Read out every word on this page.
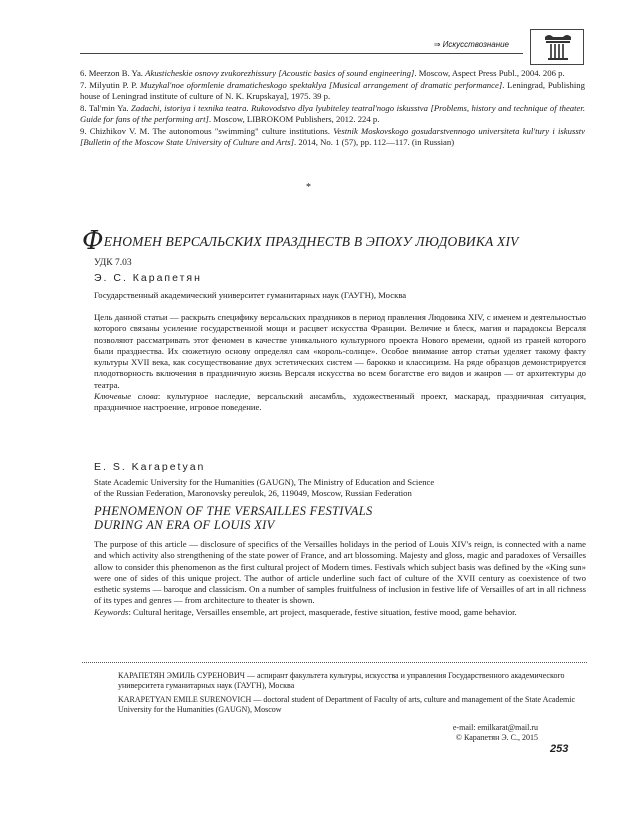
⇒ Искусствознание

6. Meerzon B. Ya. Akusticheskie osnovy zvukorezhissury [Acoustic basics of sound engineering]. Moscow, Aspect Press Publ., 2004. 206 p.

7. Milyutin P. P. Muzykal'noe oformlenie dramaticheskogo spektaklya [Musical arrangement of dramatic performance]. Leningrad, Publishing house of Leningrad institute of culture of N. K. Krupskaya], 1975. 39 p.

8. Tal'min Ya. Zadachi, istoriya i texnika teatra. Rukovodstvo dlya lyubiteley teatral'nogo iskusstva [Problems, history and technique of theater. Guide for fans of the performing art]. Moscow, LIBROKOM Publishers, 2012. 224 p.

9. Chizhikov V. M. The autonomous "swimming" culture institutions. Vestnik Moskovskogo gosudarstvennogo universiteta kul'tury i iskusstv [Bulletin of the Moscow State University of Culture and Arts]. 2014, No. 1 (57), pp. 112—117. (in Russian)

*
ФЕНОМЕН ВЕРСАЛЬСКИХ ПРАЗДНЕСТВ В ЭПОХУ ЛЮДОВИКА XIV
УДК 7.03
Э. С. Карапетян
Государственный академический университет гуманитарных наук (ГАУГН), Москва

Цель данной статьи — раскрыть специфику версальских праздников в период правления Людовика XIV, с именем и деятельностью которого связаны усиление государственной мощи и расцвет искусства Франции. Величие и блеск, магия и парадоксы Версаля позволяют рассматривать этот феномен в качестве уникального культурного проекта Нового времени, одной из граней которого были празднества. Их сюжетную основу определял сам «король-солнце». Особое внимание автор статьи уделяет такому факту культуры XVII века, как сосуществование двух эстетических систем — барокко и классицизм. На ряде образцов демонстрируется плодотворность включения в праздничную жизнь Версаля искусства во всем богатстве его видов и жанров — от архитектуры до театра.

Ключевые слова: культурное наследие, версальский ансамбль, художественный проект, маскарад, праздничная ситуация, праздничное настроение, игровое поведение.

E. S. Karapetyan
State Academic University for the Humanities (GAUGN), The Ministry of Education and Science
of the Russian Federation, Maronovsky pereulok, 26, 119049, Moscow, Russian Federation
PHENOMENON OF THE VERSAILLES FESTIVALS
DURING AN ERA OF LOUIS XIV

The purpose of this article — disclosure of specifics of the Versailles holidays in the period of Louis XIV's reign, is connected with a name and which activity also strengthening of the state power of France, and art blossoming. Majesty and gloss, magic and paradoxes of Versailles allow to consider this phenomenon as the first cultural project of Modern times. Festivals which subject basis was defined by the «King sun» were one of sides of this unique project. The author of article underline such fact of culture of the XVII century as coexistence of two esthetic systems — baroque and classicism. On a number of samples fruitfulness of inclusion in festive life of Versailles of art in all richness of its types and genres — from architecture to theater is shown.

Keywords: Cultural heritage, Versailles ensemble, art project, masquerade, festive situation, festive mood, game behavior.

КАРАПЕТЯН ЭМИЛЬ СУРЕНОВИЧ — аспирант факультета культуры, искусства и управления Государственного академического университета гуманитарных наук (ГАУГН), Москва

KARAPETYAN EMILE SURENOVICH — doctoral student of Department of Faculty of arts, culture and management of the State Academic University for the Humanities (GAUGN), Moscow

e-mail: emilkarat@mail.ru
© Карапетян Э. С., 2015
253
